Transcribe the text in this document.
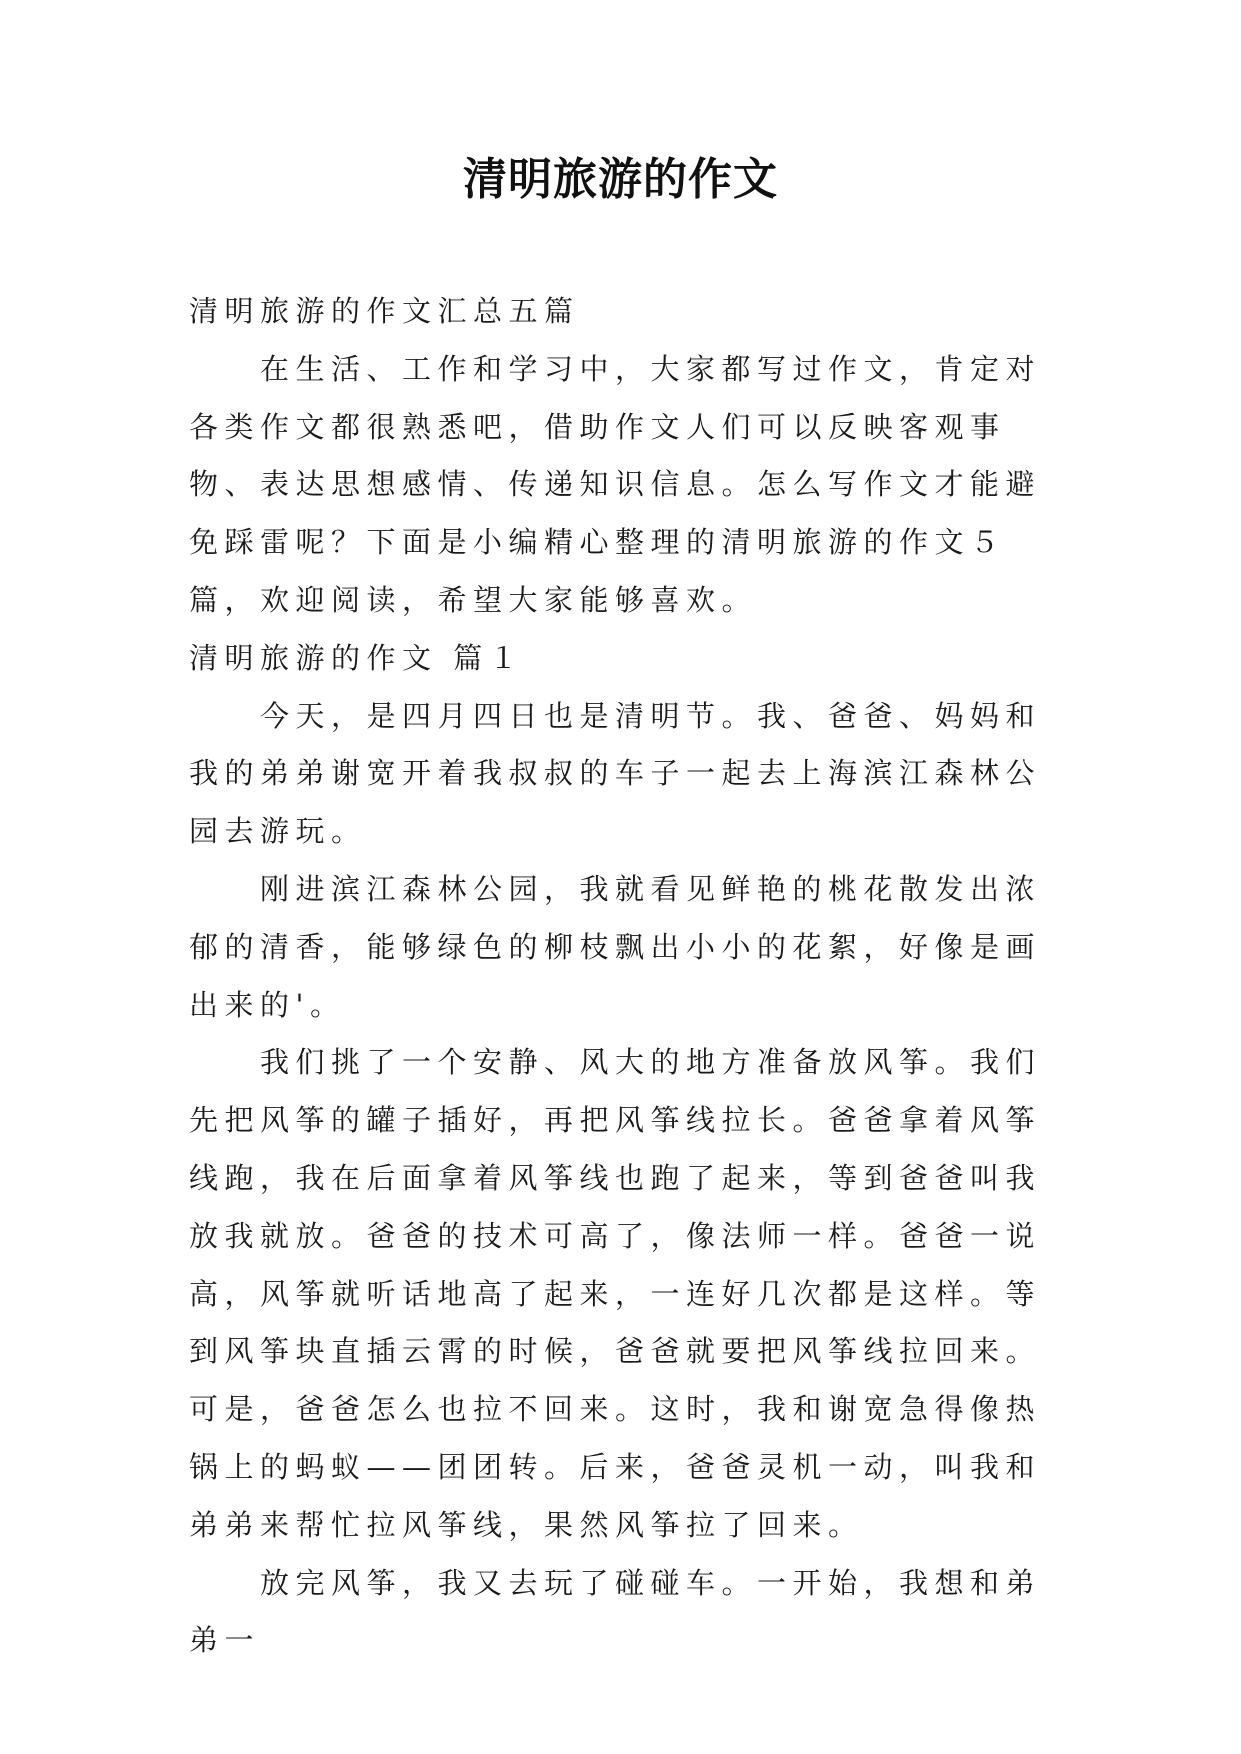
清明旅游的作文

清明旅游的作文汇总五篇

在生活、工作和学习中，大家都写过作文，肯定对各类作文都很熟悉吧，借助作文人们可以反映客观事物、表达思想感情、传递知识信息。怎么写作文才能避免踩雷呢？下面是小编精心整理的清明旅游的作文５篇，欢迎阅读，希望大家能够喜欢。

清明旅游的作文 篇１

今天，是四月四日也是清明节。我、爸爸、妈妈和我的弟弟谢宽开着我叔叔的车子一起去上海滨江森林公园去游玩。

刚进滨江森林公园，我就看见鲜艳的桃花散发出浓郁的清香，能够绿色的柳枝飘出小小的花絮，好像是画出来的'。

我们挑了一个安静、风大的地方准备放风筝。我们先把风筝的罐子插好，再把风筝线拉长。爸爸拿着风筝线跑，我在后面拿着风筝线也跑了起来，等到爸爸叫我放我就放。爸爸的技术可高了，像法师一样。爸爸一说高，风筝就听话地高了起来，一连好几次都是这样。等到风筝块直插云霄的时候，爸爸就要把风筝线拉回来。可是，爸爸怎么也拉不回来。这时，我和谢宽急得像热锅上的蚂蚁——团团转。后来，爸爸灵机一动，叫我和弟弟来帮忙拉风筝线，果然风筝拉了回来。

放完风筝，我又去玩了碰碰车。一开始，我想和弟弟一
